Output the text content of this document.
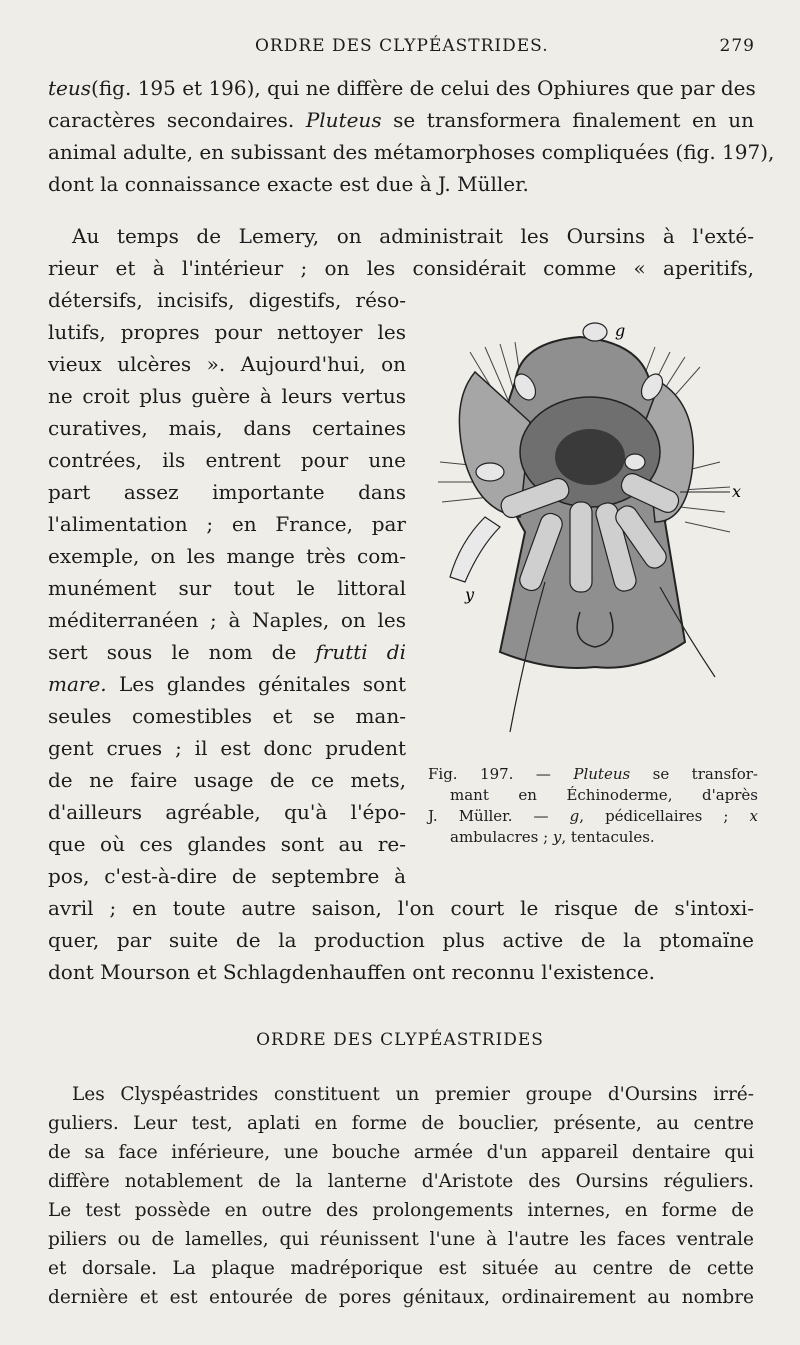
ORDRE DES CLYPÉASTRIDES.	279
teus(fig. 195 et 196), qui ne diffère de celui des Ophiures que par des
caractères secondaires. Pluteus se transformera finalement en un
animal adulte, en subissant des métamorphoses compliquées (fig. 197),
dont la connaissance exacte est due à J. Müller.
Au temps de Lemery, on administrait les Oursins à l'exté-
rieur et à l'intérieur ; on les considérait comme « aperitifs,
détersifs, incisifs, digestifs, réso-
lutifs, propres pour nettoyer les
vieux ulcères ». Aujourd'hui, on
ne croit plus guère à leurs vertus
curatives, mais, dans certaines
contrées, ils entrent pour une
part assez importante dans
l'alimentation ; en France, par
exemple, on les mange très com-
munément sur tout le littoral
méditerranéen ; à Naples, on les
sert sous le nom de frutti di
mare. Les glandes génitales sont
seules comestibles et se man-
gent crues ; il est donc prudent
de ne faire usage de ce mets,
d'ailleurs agréable, qu'à l'épo-
que où ces glandes sont au re-
pos, c'est-à-dire de septembre à
avril ; en toute autre saison, l'on court le risque de s'intoxi-
quer, par suite de la production plus active de la ptomaïne
dont Mourson et Schlagdenhauffen ont reconnu l'existence.
g
x
y
Fig. 197. — Pluteus se transfor-
mant en Échinoderme, d'après
J. Müller. — g, pédicellaires ; x
ambulacres ; y, tentacules.
ORDRE DES CLYPÉASTRIDES
Les Clyspéastrides constituent un premier groupe d'Oursins irré-
guliers. Leur test, aplati en forme de bouclier, présente, au centre
de sa face inférieure, une bouche armée d'un appareil dentaire qui
diffère notablement de la lanterne d'Aristote des Oursins réguliers.
Le test possède en outre des prolongements internes, en forme de
piliers ou de lamelles, qui réunissent l'une à l'autre les faces ventrale
et dorsale. La plaque madréporique est située au centre de cette
dernière et est entourée de pores génitaux, ordinairement au nombre
